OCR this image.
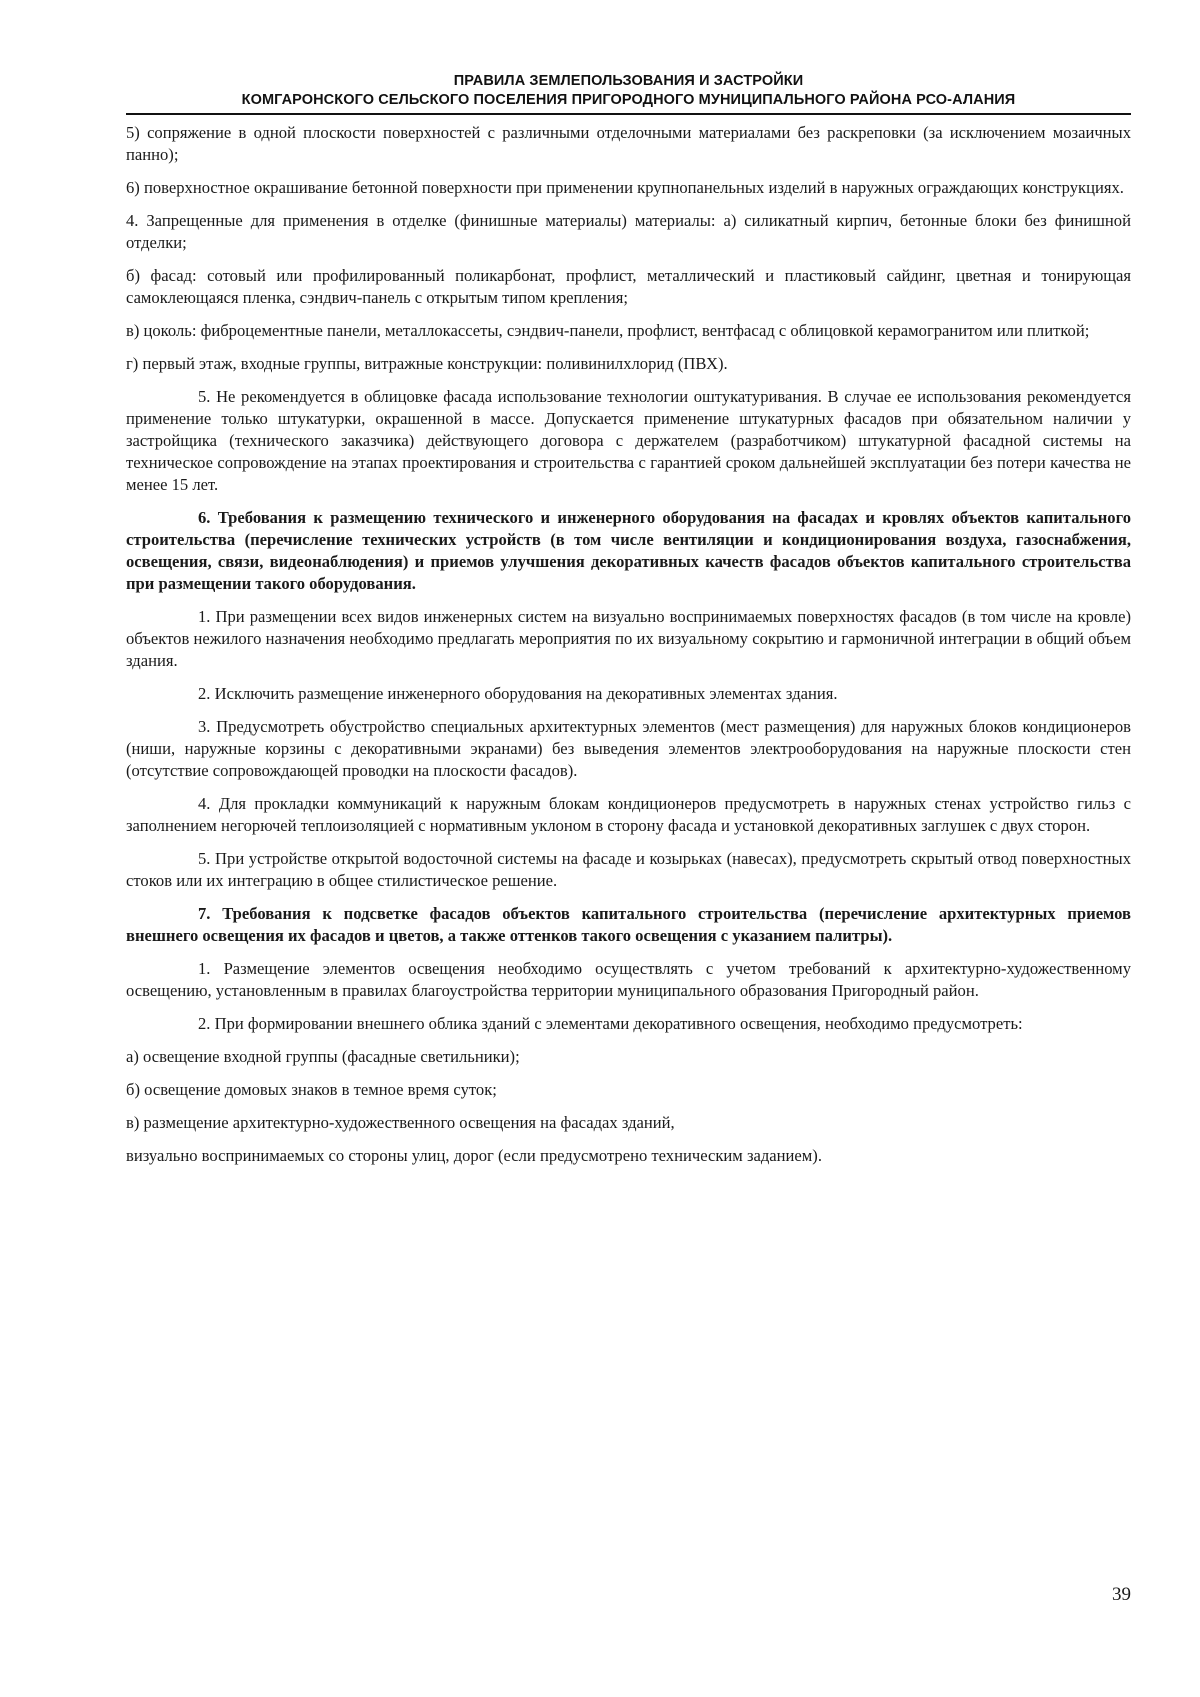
ПРАВИЛА ЗЕМЛЕПОЛЬЗОВАНИЯ И ЗАСТРОЙКИ
КОМГАРОНСКОГО СЕЛЬСКОГО ПОСЕЛЕНИЯ ПРИГОРОДНОГО МУНИЦИПАЛЬНОГО РАЙОНА РСО-АЛАНИЯ

5) сопряжение в одной плоскости поверхностей с различными отделочными материалами без раскреповки (за исключением мозаичных панно);

6) поверхностное окрашивание бетонной поверхности при применении крупнопанельных изделий в наружных ограждающих конструкциях.

4. Запрещенные для применения в отделке (финишные материалы) материалы: а) силикатный кирпич, бетонные блоки без финишной отделки;

б) фасад: сотовый или профилированный поликарбонат, профлист, металлический и пластиковый сайдинг, цветная и тонирующая самоклеющаяся пленка, сэндвич-панель с открытым типом крепления;

в) цоколь: фиброцементные панели, металлокассеты, сэндвич-панели, профлист, вентфасад с облицовкой керамогранитом или плиткой;

г) первый этаж, входные группы, витражные конструкции: поливинилхлорид (ПВХ).

5. Не рекомендуется в облицовке фасада использование технологии оштукатуривания. В случае ее использования рекомендуется применение только штукатурки, окрашенной в массе. Допускается применение штукатурных фасадов при обязательном наличии у застройщика (технического заказчика) действующего договора с держателем (разработчиком) штукатурной фасадной системы на техническое сопровождение на этапах проектирования и строительства с гарантией сроком дальнейшей эксплуатации без потери качества не менее 15 лет.

6. Требования к размещению технического и инженерного оборудования на фасадах и кровлях объектов капитального строительства (перечисление технических устройств (в том числе вентиляции и кондиционирования воздуха, газоснабжения, освещения, связи, видеонаблюдения) и приемов улучшения декоративных качеств фасадов объектов капитального строительства при размещении такого оборудования.

1. При размещении всех видов инженерных систем на визуально воспринимаемых поверхностях фасадов (в том числе на кровле) объектов нежилого назначения необходимо предлагать мероприятия по их визуальному сокрытию и гармоничной интеграции в общий объем здания.

2. Исключить размещение инженерного оборудования на декоративных элементах здания.

3. Предусмотреть обустройство специальных архитектурных элементов (мест размещения) для наружных блоков кондиционеров (ниши, наружные корзины с декоративными экранами) без выведения элементов электрооборудования на наружные плоскости стен (отсутствие сопровождающей проводки на плоскости фасадов).

4. Для прокладки коммуникаций к наружным блокам кондиционеров предусмотреть в наружных стенах устройство гильз с заполнением негорючей теплоизоляцией с нормативным уклоном в сторону фасада и установкой декоративных заглушек с двух сторон.

5. При устройстве открытой водосточной системы на фасаде и козырьках (навесах), предусмотреть скрытый отвод поверхностных стоков или их интеграцию в общее стилистическое решение.

7. Требования к подсветке фасадов объектов капитального строительства (перечисление архитектурных приемов внешнего освещения их фасадов и цветов, а также оттенков такого освещения с указанием палитры).

1. Размещение элементов освещения необходимо осуществлять с учетом требований к архитектурно-художественному освещению, установленным в правилах благоустройства территории муниципального образования Пригородный район.

2. При формировании внешнего облика зданий с элементами декоративного освещения, необходимо предусмотреть:

а) освещение входной группы (фасадные светильники);

б) освещение домовых знаков в темное время суток;

в) размещение архитектурно-художественного освещения на фасадах зданий,

визуально воспринимаемых со стороны улиц, дорог (если предусмотрено техническим заданием).

39
